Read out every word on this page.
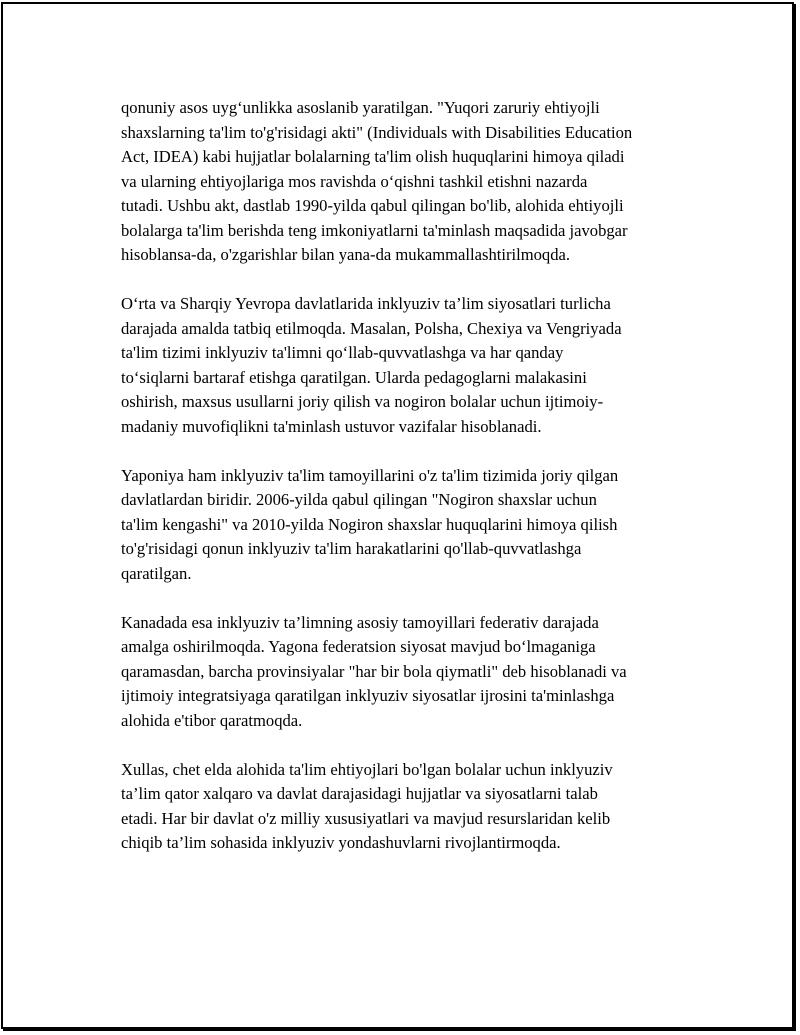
qonuniy asos uyg‘unlikka asoslanib yaratilgan. "Yuqori zaruriy ehtiyojli
shaxslarning ta'lim to'g'risidagi akti" (Individuals with Disabilities Education
Act, IDEA) kabi hujjatlar bolalarning ta'lim olish huquqlarini himoya qiladi
va ularning ehtiyojlariga mos ravishda o‘qishni tashkil etishni nazarda
tutadi. Ushbu akt, dastlab 1990-yilda qabul qilingan bo'lib, alohida ehtiyojli
bolalarga ta'lim berishda teng imkoniyatlarni ta'minlash maqsadida javobgar
hisoblansa-da, o'zgarishlar bilan yana-da mukammallashtirilmoqda.

O‘rta va Sharqiy Yevropa davlatlarida inklyuziv ta’lim siyosatlari turlicha
darajada amalda tatbiq etilmoqda. Masalan, Polsha, Chexiya va Vengriyada
ta'lim tizimi inklyuziv ta'limni qo‘llab-quvvatlashga va har qanday
to‘siqlarni bartaraf etishga qaratilgan. Ularda pedagoglarni malakasini
oshirish, maxsus usullarni joriy qilish va nogiron bolalar uchun ijtimoiy-
madaniy muvofiqlikni ta'minlash ustuvor vazifalar hisoblanadi.

Yaponiya ham inklyuziv ta'lim tamoyillarini o'z ta'lim tizimida joriy qilgan
davlatlardan biridir. 2006-yilda qabul qilingan "Nogiron shaxslar uchun
ta'lim kengashi" va 2010-yilda Nogiron shaxslar huquqlarini himoya qilish
to'g'risidagi qonun inklyuziv ta'lim harakatlarini qo'llab-quvvatlashga
qaratilgan.

Kanadada esa inklyuziv ta’limning asosiy tamoyillari federativ darajada
amalga oshirilmoqda. Yagona federatsion siyosat mavjud bo‘lmaganiga
qaramasdan, barcha provinsiyalar "har bir bola qiymatli" deb hisoblanadi va
ijtimoiy integratsiyaga qaratilgan inklyuziv siyosatlar ijrosini ta'minlashga
alohida e'tibor qaratmoqda.

Xullas, chet elda alohida ta'lim ehtiyojlari bo'lgan bolalar uchun inklyuziv
ta’lim qator xalqaro va davlat darajasidagi hujjatlar va siyosatlarni talab
etadi. Har bir davlat o'z milliy xususiyatlari va mavjud resurslaridan kelib
chiqib ta’lim sohasida inklyuziv yondashuvlarni rivojlantirmoqda.
